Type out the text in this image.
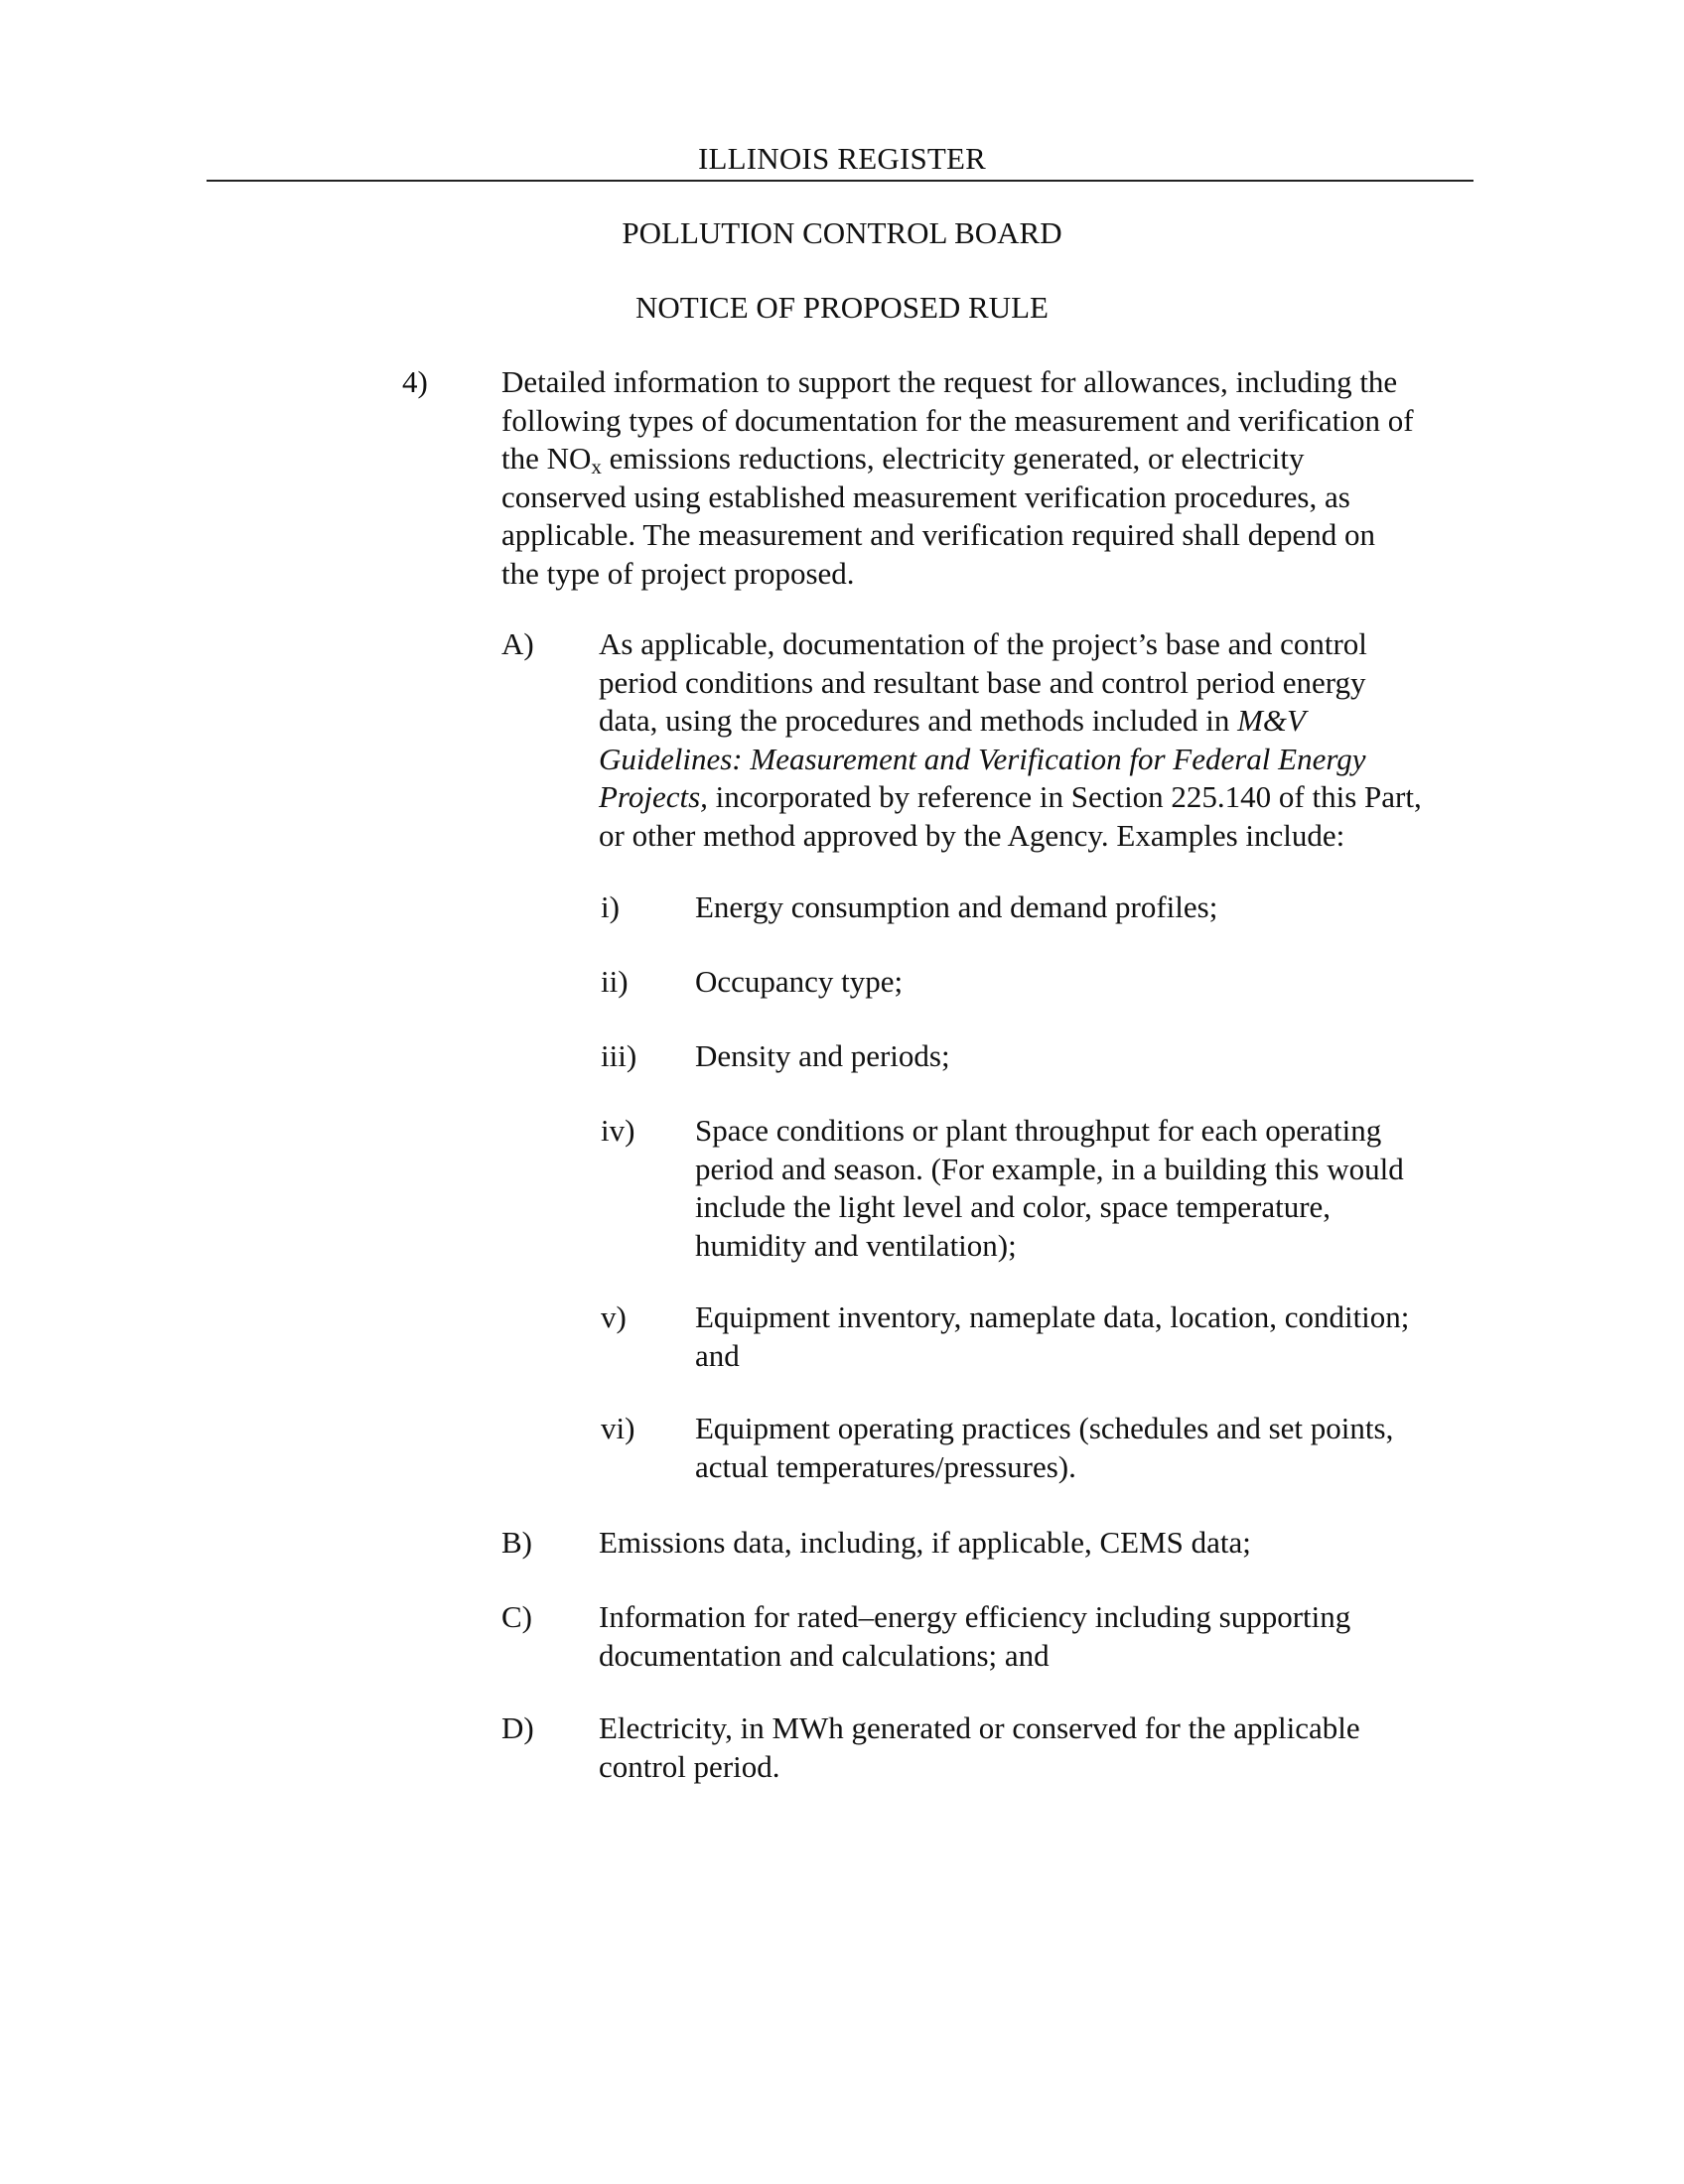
ILLINOIS REGISTER
POLLUTION CONTROL BOARD
NOTICE OF PROPOSED RULE
4) Detailed information to support the request for allowances, including the
following types of documentation for the measurement and verification of
the $NO_x$ emissions reductions, electricity generated, or electricity
conserved using established measurement verification procedures, as
applicable. The measurement and verification required shall depend on
the type of project proposed.
A) As applicable, documentation of the project’s base and control
period conditions and resultant base and control period energy
data, using the procedures and methods included in M&V
Guidelines: Measurement and Verification for Federal Energy
Projects, incorporated by reference in Section 225.140 of this Part,
or other method approved by the Agency. Examples include:
i) Energy consumption and demand profiles;
ii) Occupancy type;
iii) Density and periods;
iv) Space conditions or plant throughput for each operating
period and season. (For example, in a building this would
include the light level and color, space temperature,
humidity and ventilation);
v) Equipment inventory, nameplate data, location, condition;
and
vi) Equipment operating practices (schedules and set points,
actual temperatures/pressures).
B) Emissions data, including, if applicable, CEMS data;
C) Information for rated–energy efficiency including supporting
documentation and calculations; and
D) Electricity, in MWh generated or conserved for the applicable
control period.
